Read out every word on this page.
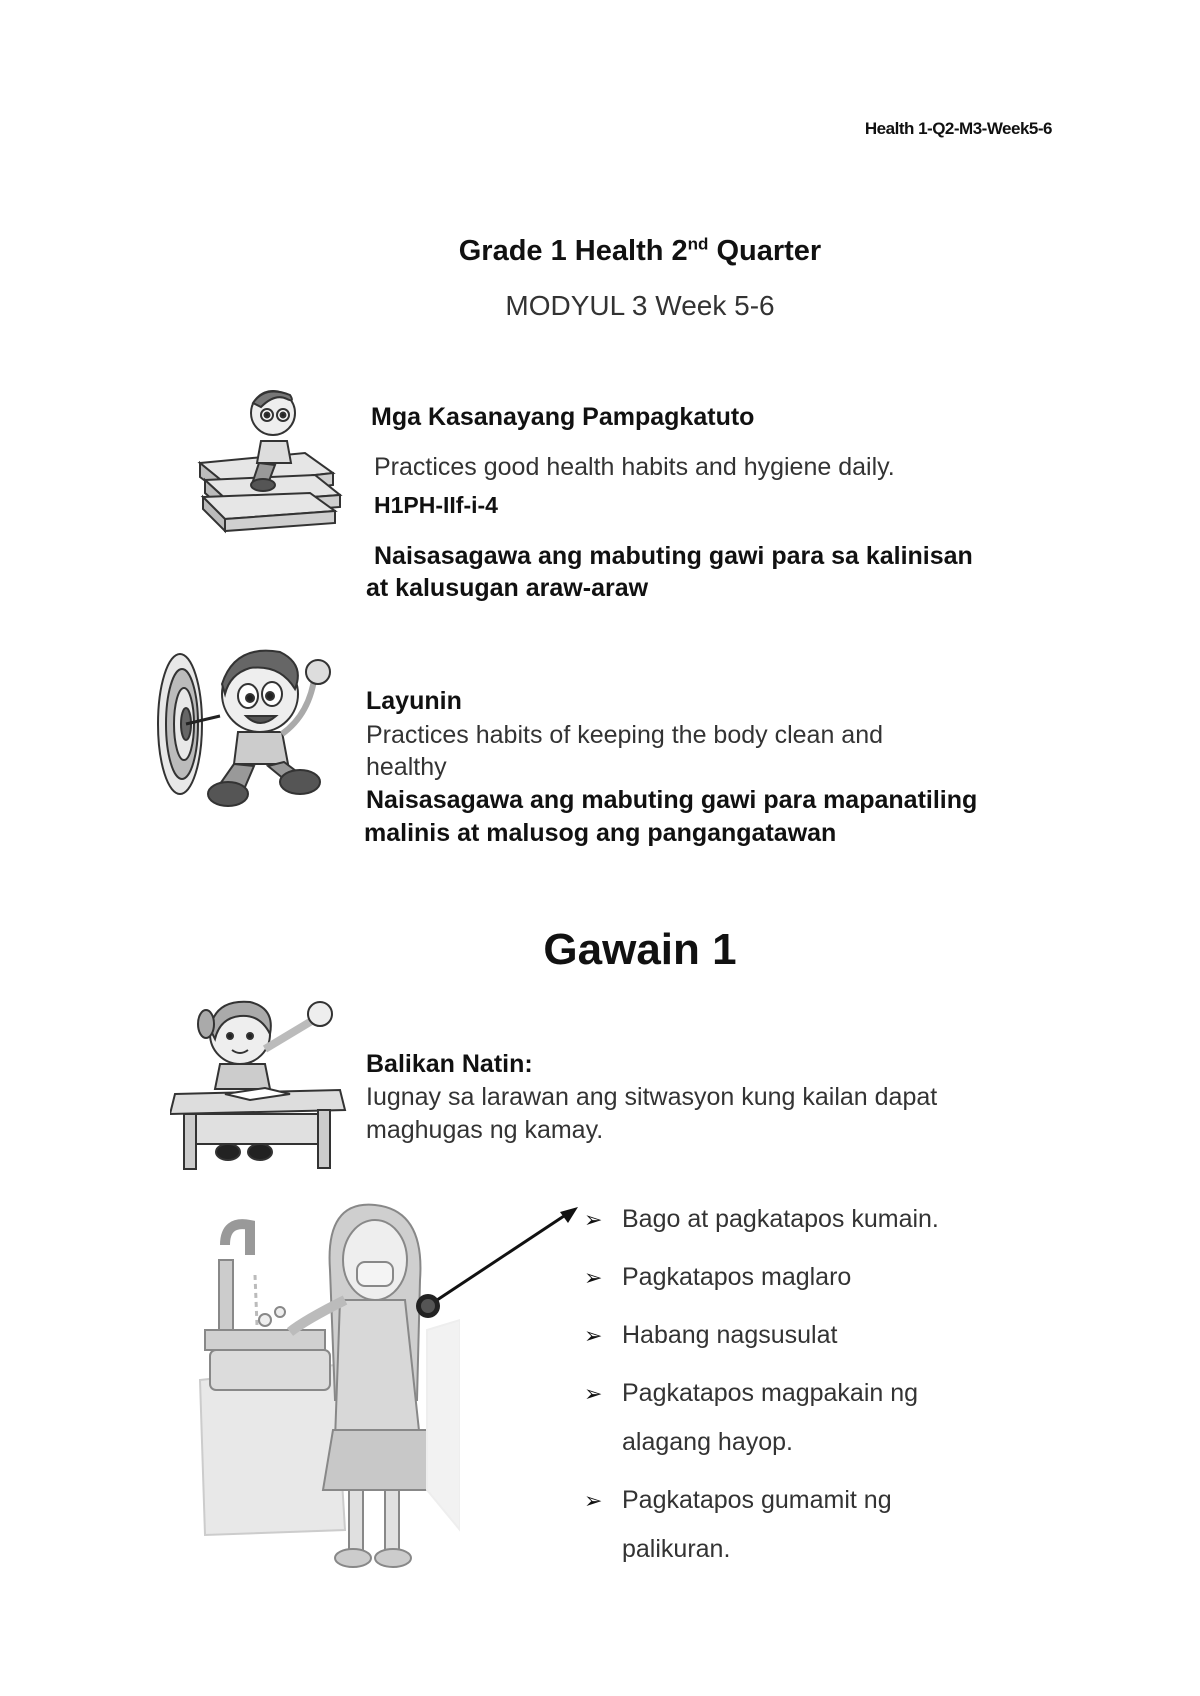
Health 1-Q2-M3-Week5-6
Grade 1 Health 2nd Quarter
MODYUL 3 Week 5-6
Mga Kasanayang Pampagkatuto
Practices good health habits and hygiene daily.
H1PH-IIf-i-4
Naisasagawa ang mabuting gawi para sa kalinisan
at kalusugan araw-araw
Layunin
Practices habits of keeping the body clean and
healthy
Naisasagawa ang mabuting gawi para mapanatiling
malinis at malusog ang pangangatawan
Gawain 1
Balikan Natin:
Iugnay sa larawan ang sitwasyon kung kailan dapat
maghugas ng kamay.
➢ Bago at pagkatapos kumain.
➢ Pagkatapos maglaro
➢ Habang nagsusulat
➢ Pagkatapos magpakain ng
alagang hayop.
➢ Pagkatapos gumamit ng
palikuran.
